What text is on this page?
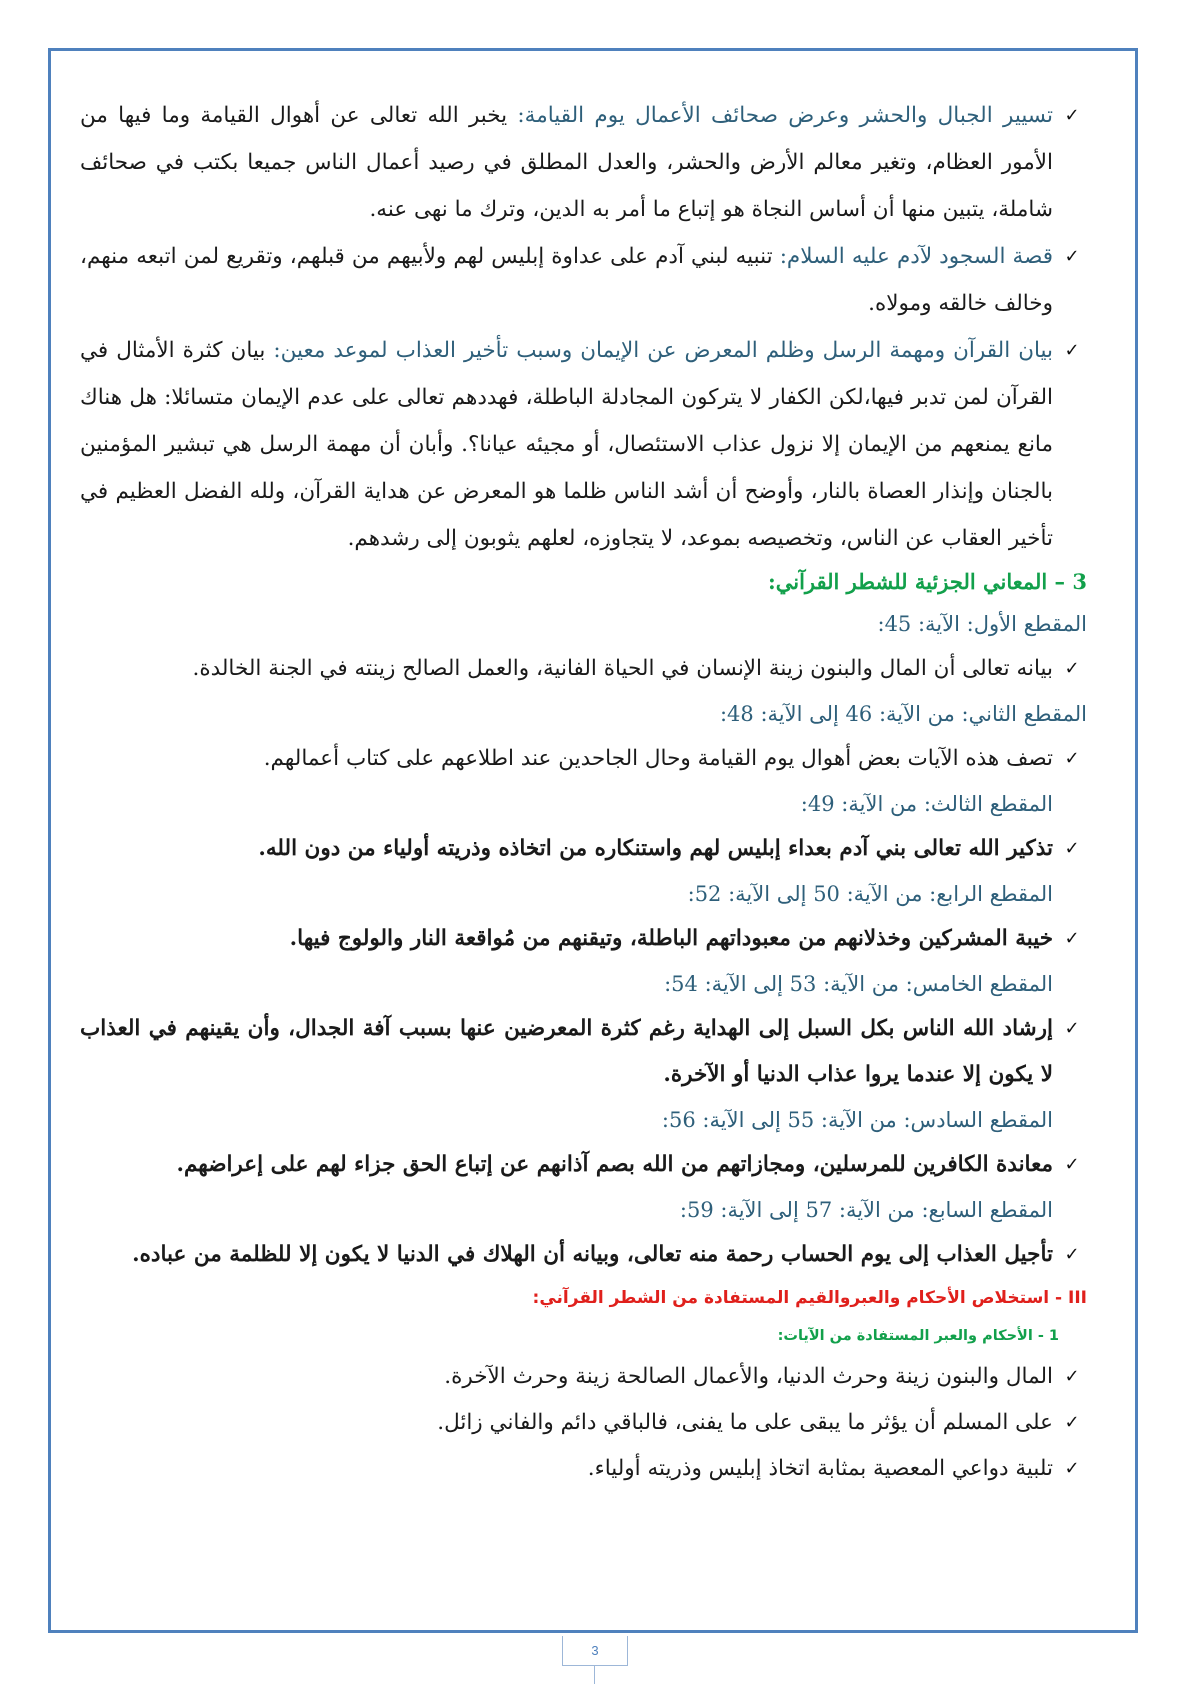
✓
تسيير الجبال والحشر وعرض صحائف الأعمال يوم القيامة: يخبر الله تعالى عن أهوال القيامة وما فيها من الأمور العظام، وتغير معالم الأرض والحشر، والعدل المطلق في رصيد أعمال الناس جميعا بكتب في صحائف شاملة، يتبين منها أن أساس النجاة هو إتباع ما أمر به الدين، وترك ما نهى عنه.

✓
قصة السجود لآدم عليه السلام: تنبيه لبني آدم على عداوة إبليس لهم ولأبيهم من قبلهم، وتقريع لمن اتبعه منهم، وخالف خالقه ومولاه.

✓
بيان القرآن ومهمة الرسل وظلم المعرض عن الإيمان وسبب تأخير العذاب لموعد معين: بيان كثرة الأمثال في القرآن لمن تدبر فيها،لكن الكفار لا يتركون المجادلة الباطلة، فهددهم تعالى على عدم الإيمان متسائلا: هل هناك مانع يمنعهم من الإيمان إلا نزول عذاب الاستئصال، أو مجيئه عيانا؟. وأبان أن مهمة الرسل هي تبشير المؤمنين بالجنان وإنذار العصاة بالنار، وأوضح أن أشد الناس ظلما هو المعرض عن هداية القرآن، ولله الفضل العظيم في تأخير العقاب عن الناس، وتخصيصه بموعد، لا يتجاوزه، لعلهم يثوبون إلى رشدهم.

3 – المعاني الجزئية للشطر القرآني:

المقطع الأول: الآية: 45:

✓
بيانه تعالى أن المال والبنون زينة الإنسان في الحياة الفانية، والعمل الصالح زينته في الجنة الخالدة.

المقطع الثاني: من الآية: 46 إلى الآية: 48:

✓
تصف هذه الآيات بعض أهوال يوم القيامة وحال الجاحدين عند اطلاعهم على كتاب أعمالهم.

المقطع الثالث: من الآية: 49:

✓
تذكير الله تعالى بني آدم بعداء إبليس لهم واستنكاره من اتخاذه وذريته أولياء من دون الله.

المقطع الرابع: من الآية: 50 إلى الآية: 52:

✓
خيبة المشركين وخذلانهم من معبوداتهم الباطلة، وتيقنهم من مُواقعة النار والولوج فيها.

المقطع الخامس: من الآية: 53 إلى الآية: 54:

✓
إرشاد الله الناس بكل السبل إلى الهداية رغم كثرة المعرضين عنها بسبب آفة الجدال، وأن يقينهم في العذاب لا يكون إلا عندما يروا عذاب الدنيا أو الآخرة.

المقطع السادس: من الآية: 55 إلى الآية: 56:

✓
معاندة الكافرين للمرسلين، ومجازاتهم من الله بصم آذانهم عن إتباع الحق جزاء لهم على إعراضهم.

المقطع السابع: من الآية: 57 إلى الآية: 59:

✓
تأجيل العذاب إلى يوم الحساب رحمة منه تعالى، وبيانه أن الهلاك في الدنيا لا يكون إلا للظلمة من عباده.

III - استخلاص الأحكام والعبروالقيم المستفادة من الشطر القرآني:

1 - الأحكام والعبر المستفادة من الآيات:

✓
المال والبنون زينة وحرث الدنيا، والأعمال الصالحة زينة وحرث الآخرة.

✓
على المسلم أن يؤثر ما يبقى على ما يفنى، فالباقي دائم والفاني زائل.

✓
تلبية دواعي المعصية بمثابة اتخاذ إبليس وذريته أولياء.

3
